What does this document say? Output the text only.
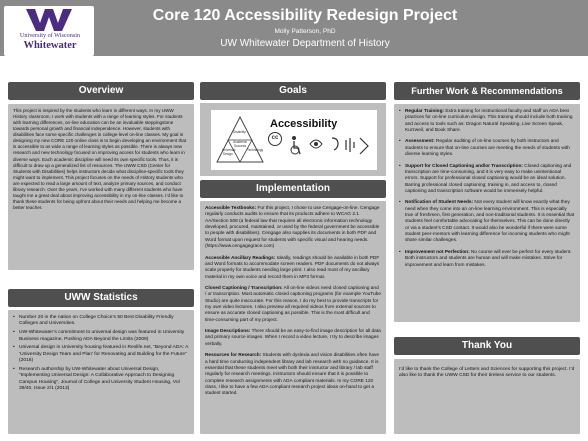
University of Wisconsin
Whitewater
Core 120 Accessibility Redesign Project
Molly Patterson, PhD
UW Whitewater Department of History
Overview

This project is inspired by the students who learn in different ways. In my UWW History classroom, I work with students with a range of learning styles. For students with learning differences, on-line education can be an invaluable steppingstone towards personal growth and financial independence. However, students with disabilities face some specific challenges in college-level on-line classes. My goal in designing my new CORE 120 online class is to begin developing an environment that is accessible to as wide a range of learning styles as possible. There is always new research and new technology focused on improving access for students who learn in diverse ways. Each academic discipline will need its own specific tools. Thus, it is difficult to draw up a generalized list of resources. The UWW CSD (Center for Students with Disabilities) helps instructors decide what discipline-specific tools they might want to implement. This project focuses on the needs of History students who are expected to read a large amount of text, analyze primary sources, and conduct library research. Over the years, I’ve worked with many different students who have taught me a great deal about improving accessibility in my on-line classes. I’d like to thank these students for being upfront about their needs and helping me become a better teacher.

UWW Statistics
• Number 20 in the nation on College Choice’s 50 Best Disability Friendly Colleges and Universities.
• UW-Whitewater’s commitment to universal design was featured in University Business magazine, Pushing ADA Beyond the Limits (2009)
• Universal design in University housing featured in Reslife.net, “Beyond ADA: A ‘University Design Team and Plan’ for Renovating and Building for the Future” (2016)
• Research authorship by UW-Whitewater about Universal Design, “Implementing Universal Design: A Collaborative Approach to Designing Campus Housing”, Journal of College and University Student Housing, Vol 39/40, Issue 2/1 (2013)
Goals
Disability
Universal
Design
Technology
Academic
Success
Accessibility
cc
Implementation

Accessible Textbooks: For this project, I chose to use Cengage-on-line. Cengage regularly conducts audits to ensure that its products adhere to WCAG 2.1 AA/Section 508 (a federal law that requires all electronic information technology developed, procured, maintained, or used by the federal government be accessible to people with disabilities). Cengage also supplies its documents in both PDF and Word format upon request for students with specific visual and hearing needs. (https://www.cengagegrace.com)

Accessible Ancillary Readings: Ideally, readings should be available in both PDF and Word formats to accommodate screen readers. PDF documents do not always scale properly for students needing large print. I also read most of my ancillary material in my own voice and record them in MP3 format.

Closed Captioning / Transcription: All on-line videos need closed captioning and / or transcription. Most automatic closed captioning programs (for example YouTube Studio) are quite inaccurate. For this reason, I do my best to provide transcripts for my own video lectures. I also preview all required videos from external sources to ensure as accurate closed captioning as possible. This is the most difficult and time-consuming part of my project.

Image Descriptions: There should be an easy-to-find image description for all data and primary source images. When I record a video lecture, I try to describe images verbally.

Resources for Research: Students with dyslexia and vision disabilities often have a hard time conducting independent library and lab research with no guidance. It is essential that these students meet with both their instructor and library / lab staff regularly for research meetings. Instructors should ensure that it is possible to complete research assignments with ADA compliant materials. In my CORE 120 class, I like to have a few ADA compliant research project ideas on-hand to get a student started.

Further Work & Recommendations
• Regular Training: Extra training for instructional faculty and staff on ADA best practices for on-line curriculum design. This training should include both training and access to tools such as: Dragon Natural Speaking, Live Screen Speak, Kurzweil, and Book Share.
• Assessment: Regular auditing of on-line courses by both instructors and students to ensure that on-line courses are meeting the needs of students with diverse learning styles.
• Support for Closed Captioning and/or Transcription: Closed captioning and transcription are time-consuming, and it is very easy to make unintentional errors. Support for professional closed captioning would be an ideal solution. Barring professional closed captioning; training in, and access to, closed captioning and transcription software would be immensely helpful.
• Notification of Student Needs: Not every student will know exactly what they need when they come into an on-line learning environment. This is especially true of freshmen, first generation, and non-traditional students. It is essential that students feel comfortable advocating for themselves. This can be done directly or via a student’s CSD contact. It would also be wonderful if there were some student peer-mentors with learning difference for incoming students who might share similar challenges.
• Improvement not Perfection: No course will ever be perfect for every student. Both instructors and students are human and will make mistakes. Strive for improvement and learn from mistakes.
Thank You

I’d like to thank the College of Letters and Sciences for supporting this project. I’d also like to thank the UWW CSD for their tireless service to our students.
